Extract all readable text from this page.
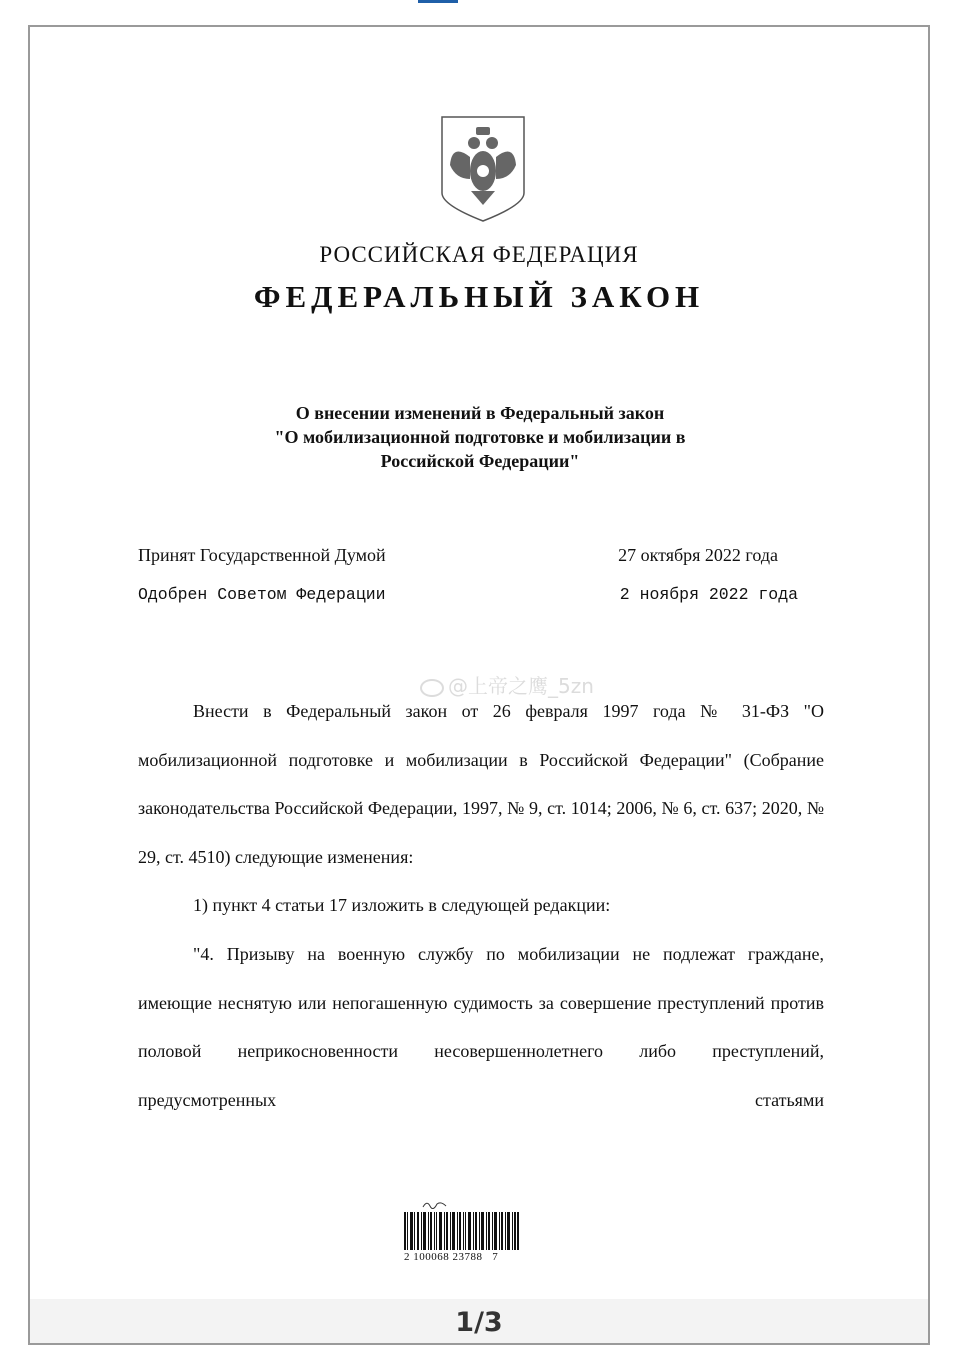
РОССИЙСКАЯ ФЕДЕРАЦИЯ
ФЕДЕРАЛЬНЫЙ ЗАКОН
О внесении изменений в Федеральный закон
"О мобилизационной подготовке и мобилизации в
Российской Федерации"
Принят Государственной Думой	27 октября 2022 года
Одобрен Советом Федерации	2 ноября 2022 года
@上帝之鹰_5zn

Внести в Федеральный закон от 26 февраля 1997 года № 31-ФЗ "О мобилизационной подготовке и мобилизации в Российской Федерации" (Собрание законодательства Российской Федерации, 1997, № 9, ст. 1014; 2006, № 6, ст. 637; 2020, № 29, ст. 4510) следующие изменения:

1) пункт 4 статьи 17 изложить в следующей редакции:

"4. Призыву на военную службу по мобилизации не подлежат граждане, имеющие неснятую или непогашенную судимость за совершение преступлений против половой неприкосновенности несовершеннолетнего либо преступлений, предусмотренных статьями

2 100068 23788   7
1/3
